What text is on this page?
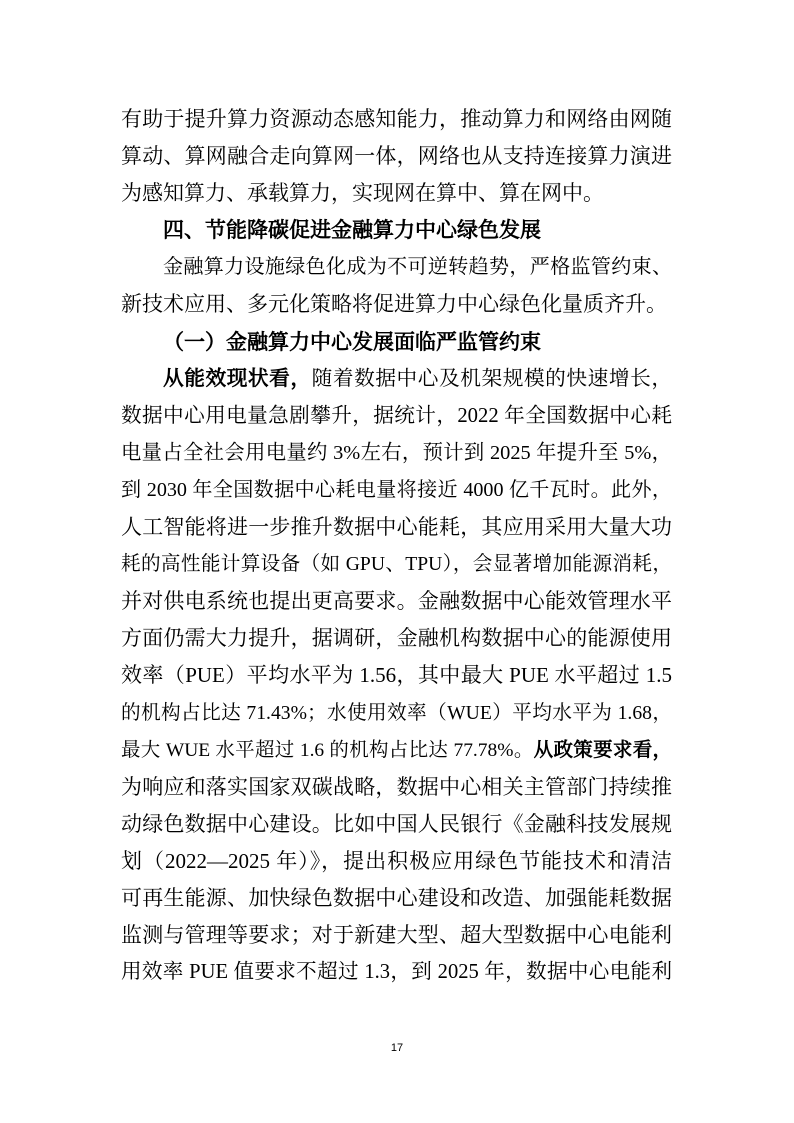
有助于提升算力资源动态感知能力，推动算力和网络由网随
算动、算网融合走向算网一体，网络也从支持连接算力演进
为感知算力、承载算力，实现网在算中、算在网中。
四、节能降碳促进金融算力中心绿色发展
金融算力设施绿色化成为不可逆转趋势，严格监管约束、
新技术应用、多元化策略将促进算力中心绿色化量质齐升。
（一）金融算力中心发展面临严监管约束
从能效现状看，随着数据中心及机架规模的快速增长，
数据中心用电量急剧攀升，据统计，2022 年全国数据中心耗
电量占全社会用电量约 3%左右，预计到 2025 年提升至 5%，
到 2030 年全国数据中心耗电量将接近 4000 亿千瓦时。此外，
人工智能将进一步推升数据中心能耗，其应用采用大量大功
耗的高性能计算设备（如 GPU、TPU），会显著增加能源消耗，
并对供电系统也提出更高要求。金融数据中心能效管理水平
方面仍需大力提升，据调研，金融机构数据中心的能源使用
效率（PUE）平均水平为 1.56，其中最大 PUE 水平超过 1.5
的机构占比达 71.43%；水使用效率（WUE）平均水平为 1.68，
最大 WUE 水平超过 1.6 的机构占比达 77.78%。从政策要求看，
为响应和落实国家双碳战略，数据中心相关主管部门持续推
动绿色数据中心建设。比如中国人民银行《金融科技发展规
划（2022—2025 年）》，提出积极应用绿色节能技术和清洁
可再生能源、加快绿色数据中心建设和改造、加强能耗数据
监测与管理等要求；对于新建大型、超大型数据中心电能利
用效率 PUE 值要求不超过 1.3，到 2025 年，数据中心电能利
17
